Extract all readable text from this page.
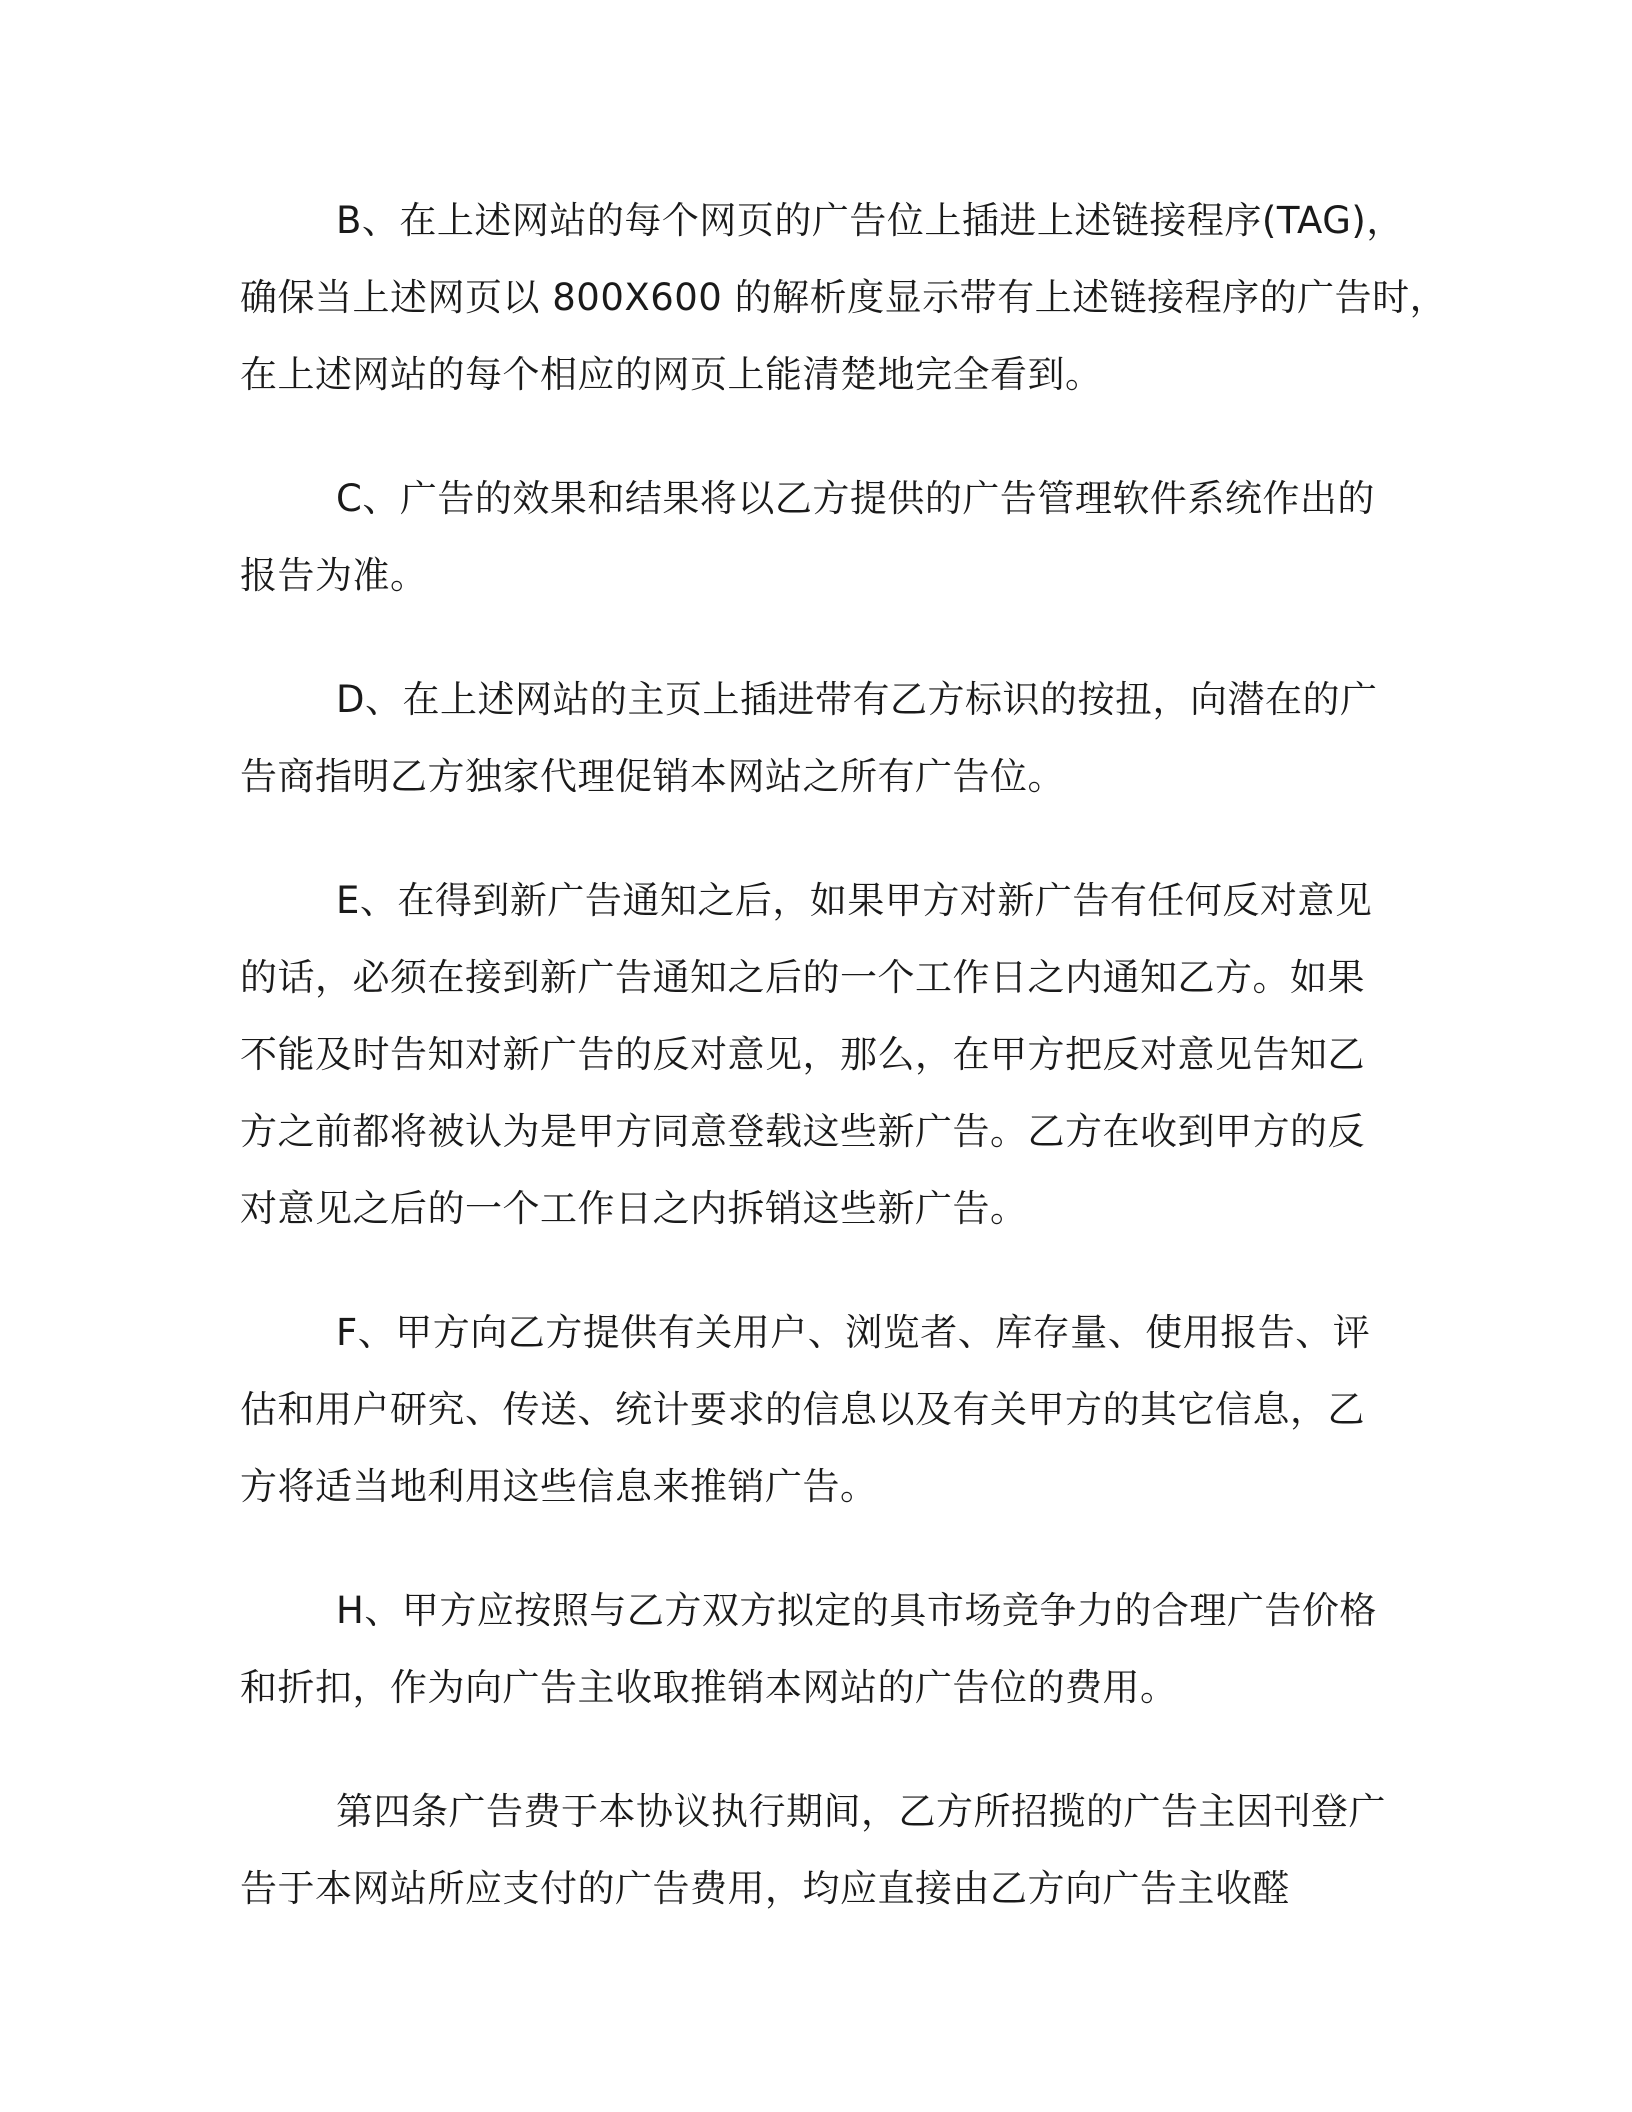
B、在上述网站的每个网页的广告位上插进上述链接程序(TAG)，
确保当上述网页以 800X600 的解析度显示带有上述链接程序的广告时，
在上述网站的每个相应的网页上能清楚地完全看到。

C、广告的效果和结果将以乙方提供的广告管理软件系统作出的
报告为准。

D、在上述网站的主页上插进带有乙方标识的按扭，向潜在的广
告商指明乙方独家代理促销本网站之所有广告位。

E、在得到新广告通知之后，如果甲方对新广告有任何反对意见
的话，必须在接到新广告通知之后的一个工作日之内通知乙方。如果
不能及时告知对新广告的反对意见，那么，在甲方把反对意见告知乙
方之前都将被认为是甲方同意登载这些新广告。乙方在收到甲方的反
对意见之后的一个工作日之内拆销这些新广告。

F、甲方向乙方提供有关用户、浏览者、库存量、使用报告、评
估和用户研究、传送、统计要求的信息以及有关甲方的其它信息，乙
方将适当地利用这些信息来推销广告。

H、甲方应按照与乙方双方拟定的具市场竞争力的合理广告价格
和折扣，作为向广告主收取推销本网站的广告位的费用。

第四条广告费于本协议执行期间，乙方所招揽的广告主因刊登广
告于本网站所应支付的广告费用，均应直接由乙方向广告主收醛
